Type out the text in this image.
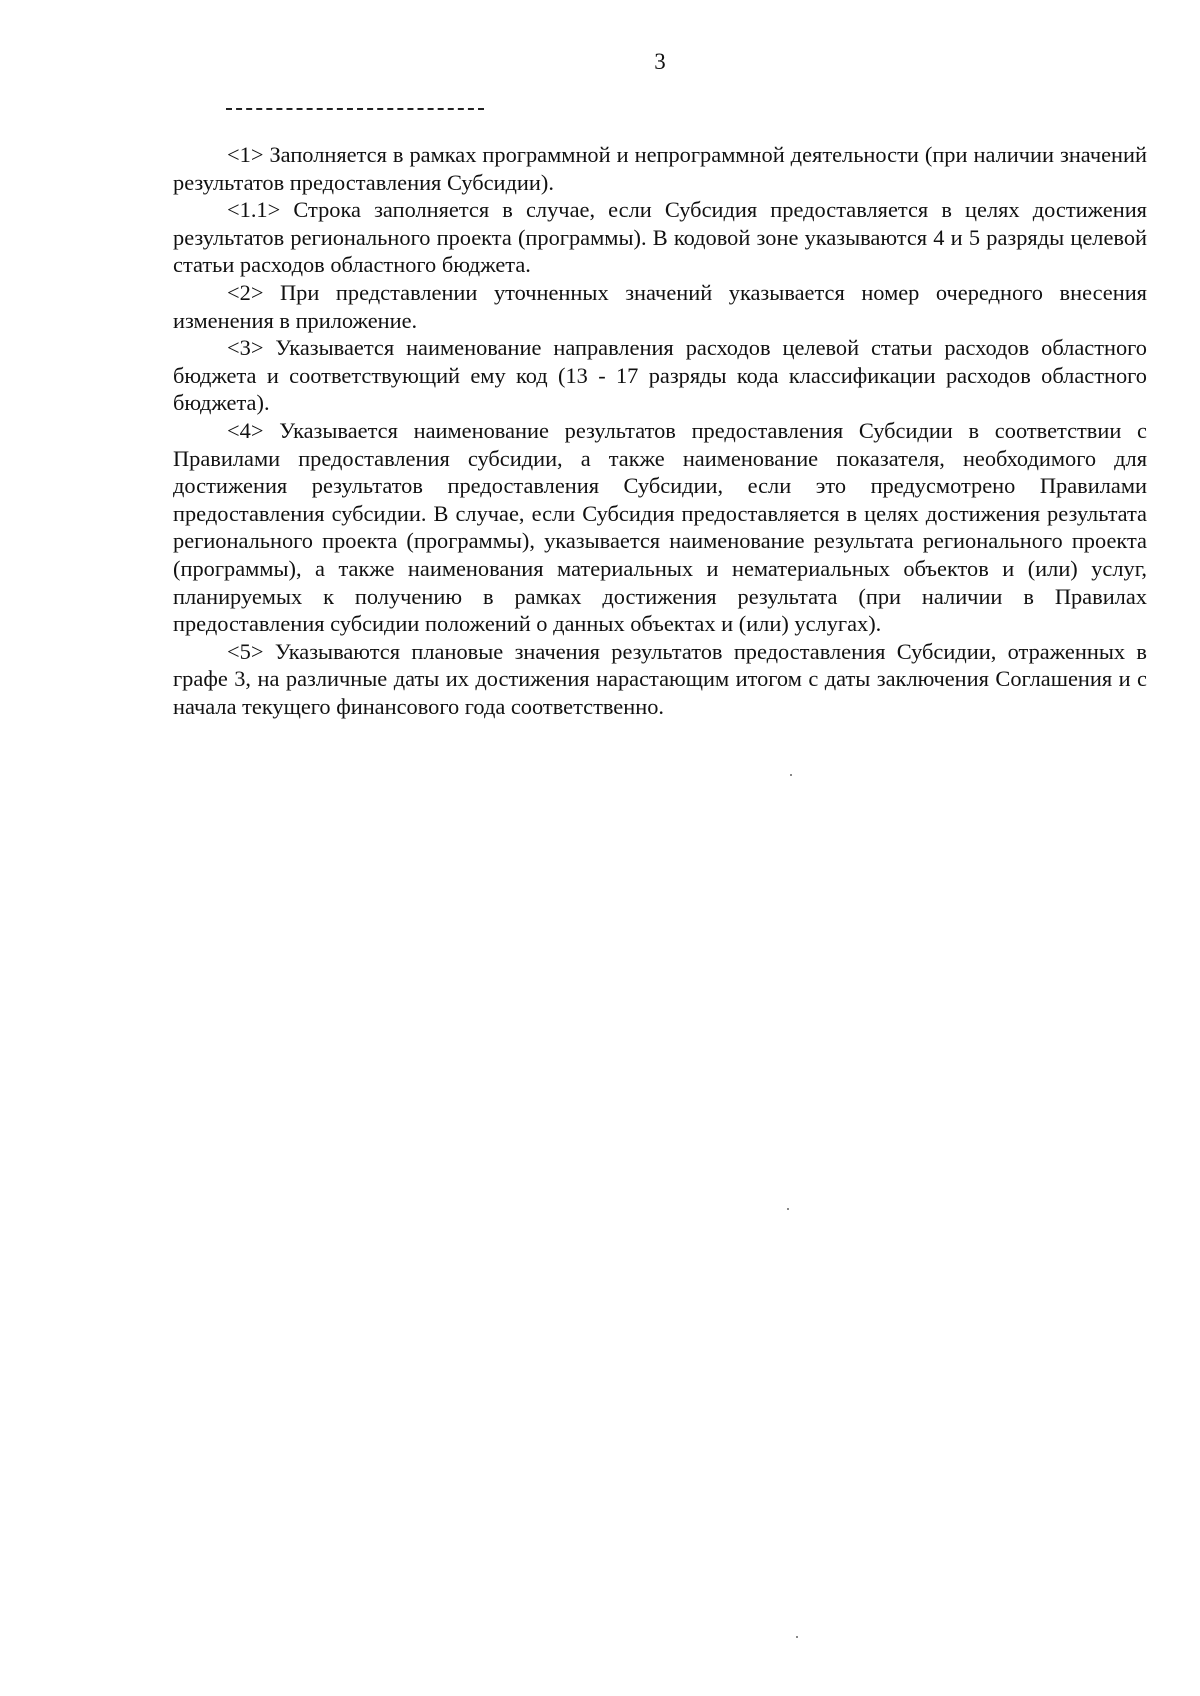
3

<1> Заполняется в рамках программной и непрограммной деятельности (при наличии значений результатов предоставления Субсидии).

<1.1> Строка заполняется в случае, если Субсидия предоставляется в целях достижения результатов регионального проекта (программы). В кодовой зоне указываются 4 и 5 разряды целевой статьи расходов областного бюджета.

<2> При представлении уточненных значений указывается номер очередного внесения изменения в приложение.

<3> Указывается наименование направления расходов целевой статьи расходов областного бюджета и соответствующий ему код (13 - 17 разряды кода классификации расходов областного бюджета).

<4> Указывается наименование результатов предоставления Субсидии в соответствии с Правилами предоставления субсидии, а также наименование показателя, необходимого для достижения результатов предоставления Субсидии, если это предусмотрено Правилами предоставления субсидии. В случае, если Субсидия предоставляется в целях достижения результата регионального проекта (программы), указывается наименование результата регионального проекта (программы), а также наименования материальных и нематериальных объектов и (или) услуг, планируемых к получению в рамках достижения результата (при наличии в Правилах предоставления субсидии положений о данных объектах и (или) услугах).

<5> Указываются плановые значения результатов предоставления Субсидии, отраженных в графе 3, на различные даты их достижения нарастающим итогом с даты заключения Соглашения и с начала текущего финансового года соответственно.
